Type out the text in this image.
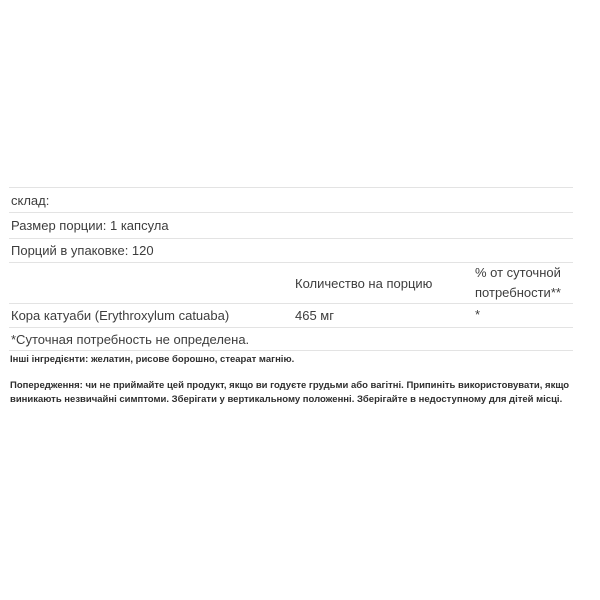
склад:
Размер порции: 1 капсула
Порций в упаковке: 120
Количество на порцию
% от суточной потребности**
Кора катуаби (Erythroxylum catuaba)	465 мг	*
*Суточная потребность не определена.

Інші інгредієнти: желатин, рисове борошно, стеарат магнію.

Попередження: чи не приймайте цей продукт, якщо ви годуєте грудьми або вагітні. Припиніть використовувати, якщо виникають незвичайні симптоми. Зберігати у вертикальному положенні. Зберігайте в недоступному для дітей місці.
